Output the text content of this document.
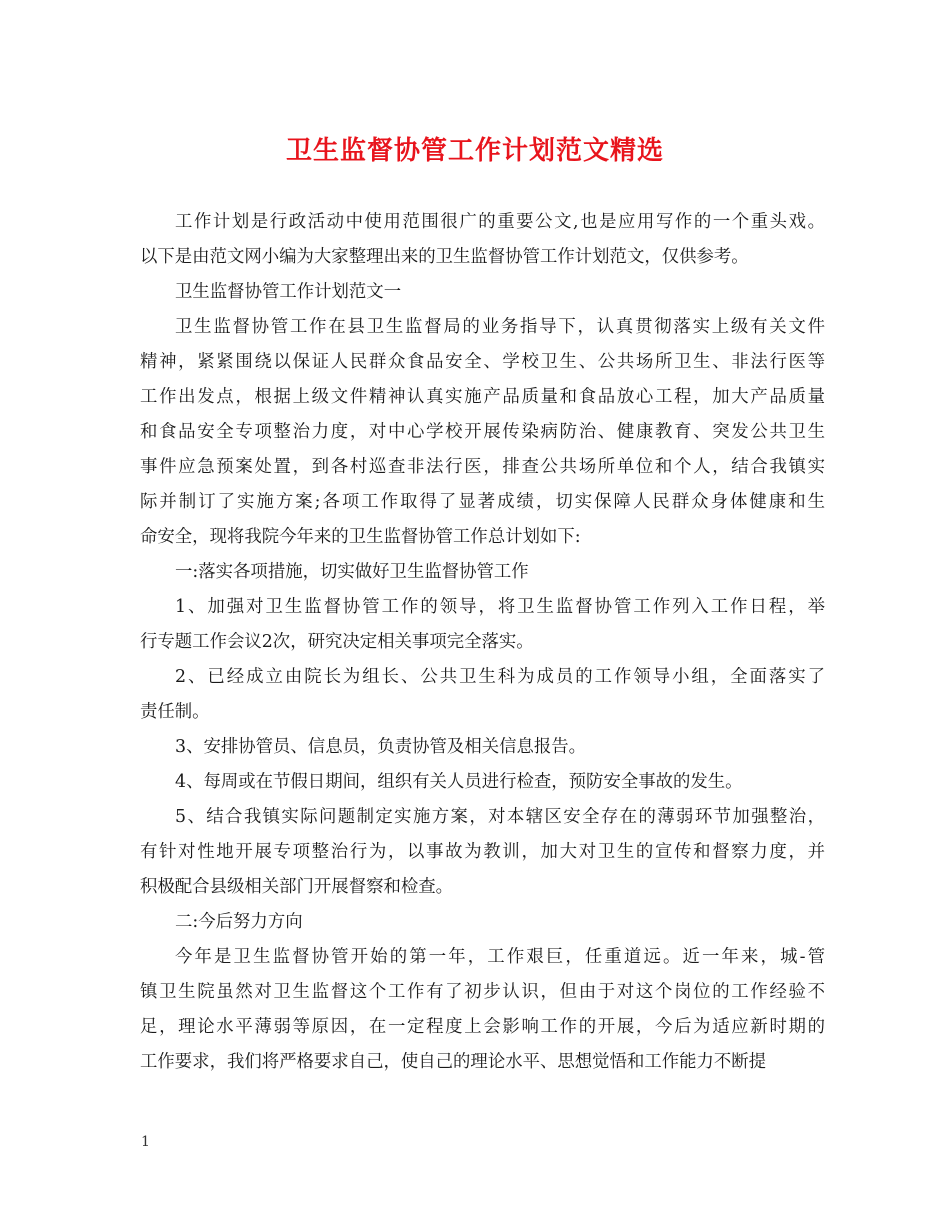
卫生监督协管工作计划范文精选
工作计划是行政活动中使用范围很广的重要公文,也是应用写作的一个重头戏。
以下是由范文网小编为大家整理出来的卫生监督协管工作计划范文，仅供参考。
卫生监督协管工作计划范文一
卫生监督协管工作在县卫生监督局的业务指导下，认真贯彻落实上级有关文件
精神，紧紧围绕以保证人民群众食品安全、学校卫生、公共场所卫生、非法行医等
工作出发点，根据上级文件精神认真实施产品质量和食品放心工程，加大产品质量
和食品安全专项整治力度，对中心学校开展传染病防治、健康教育、突发公共卫生
事件应急预案处置，到各村巡查非法行医，排查公共场所单位和个人，结合我镇实
际并制订了实施方案;各项工作取得了显著成绩，切实保障人民群众身体健康和生
命安全，现将我院今年来的卫生监督协管工作总计划如下:
一:落实各项措施，切实做好卫生监督协管工作
1、加强对卫生监督协管工作的领导，将卫生监督协管工作列入工作日程，举
行专题工作会议2次，研究决定相关事项完全落实。
2、已经成立由院长为组长、公共卫生科为成员的工作领导小组，全面落实了
责任制。
3、安排协管员、信息员，负责协管及相关信息报告。
4、每周或在节假日期间，组织有关人员进行检查，预防安全事故的发生。
5、结合我镇实际问题制定实施方案，对本辖区安全存在的薄弱环节加强整治，
有针对性地开展专项整治行为，以事故为教训，加大对卫生的宣传和督察力度，并
积极配合县级相关部门开展督察和检查。
二:今后努力方向
今年是卫生监督协管开始的第一年，工作艰巨，任重道远。近一年来，城-管
镇卫生院虽然对卫生监督这个工作有了初步认识，但由于对这个岗位的工作经验不
足，理论水平薄弱等原因，在一定程度上会影响工作的开展，今后为适应新时期的
工作要求，我们将严格要求自己，使自己的理论水平、思想觉悟和工作能力不断提
1
